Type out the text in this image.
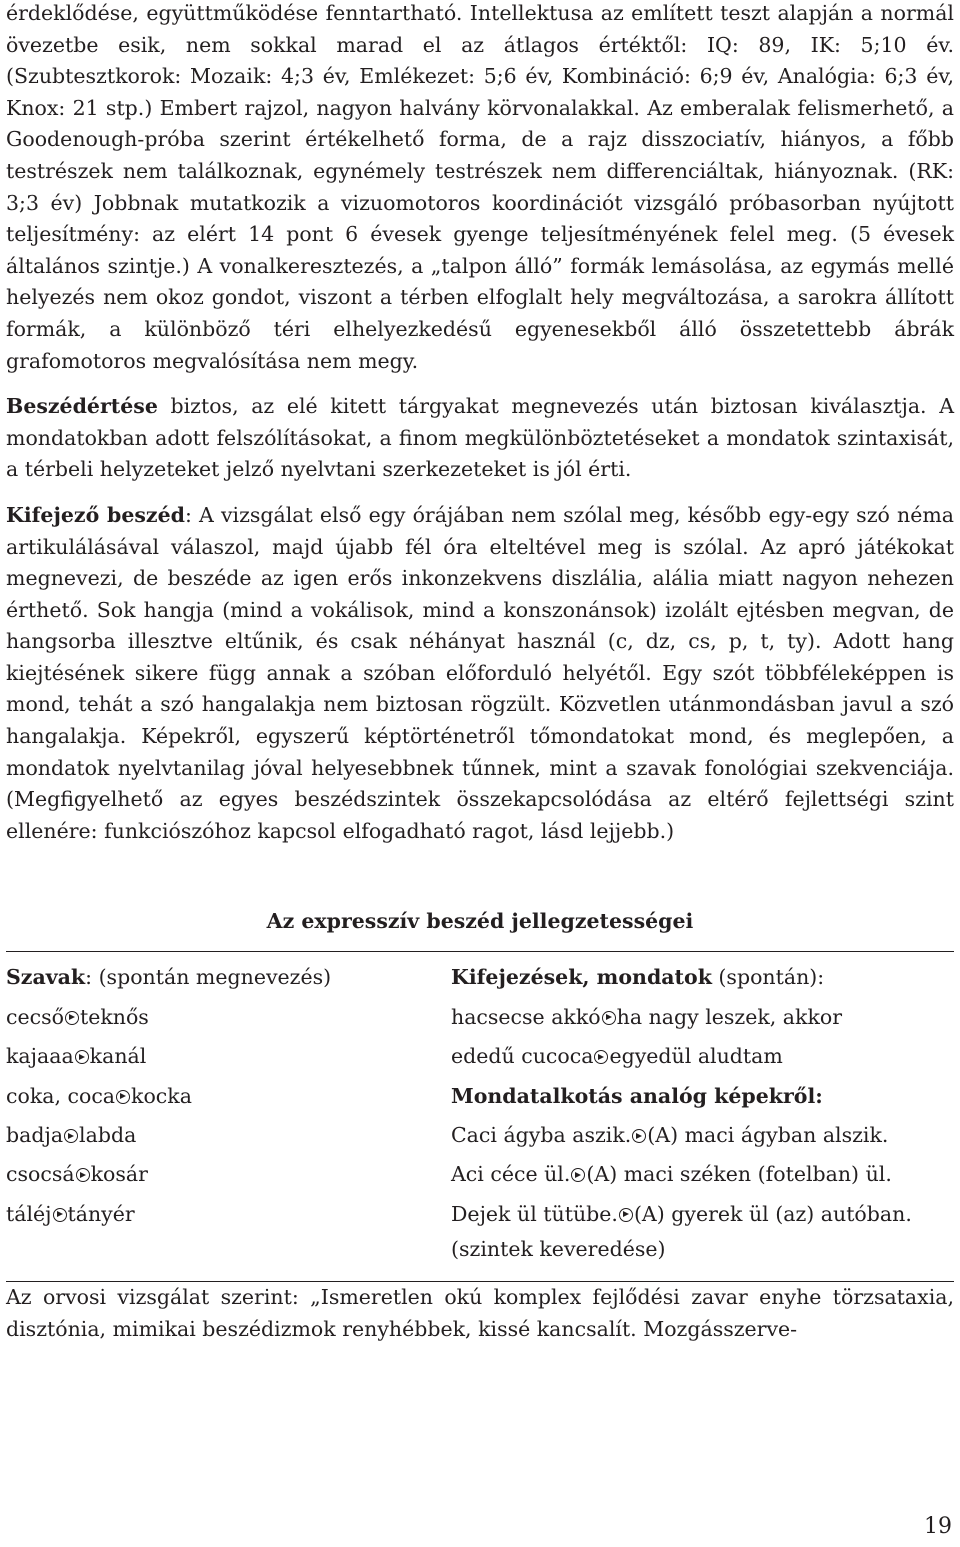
érdeklődése, együttműködése fenntartható. Intellektusa az említett teszt alapján a normál övezetbe esik, nem sokkal marad el az átlagos értéktől: IQ: 89, IK: 5;10 év. (Szubtesztkorok: Mozaik: 4;3 év, Emlékezet: 5;6 év, Kombináció: 6;9 év, Analógia: 6;3 év, Knox: 21 stp.) Embert rajzol, nagyon halvány körvonalakkal. Az emberalak felismerhető, a Goodenough-próba szerint értékelhető forma, de a rajz disszociatív, hiányos, a főbb testrészek nem találkoznak, egynémely testrészek nem differenciáltak, hiányoznak. (RK: 3;3 év) Jobbnak mutatkozik a vizuomotoros koordinációt vizsgáló próbasorban nyújtott teljesítmény: az elért 14 pont 6 évesek gyenge teljesítményének felel meg. (5 évesek általános szintje.) A vonalkeresztezés, a „talpon álló” formák lemásolása, az egymás mellé helyezés nem okoz gondot, viszont a térben elfoglalt hely megváltozása, a sarokra állított formák, a különböző téri elhelyezkedésű egyenesekből álló összetettebb ábrák grafomotoros megvalósítása nem megy.

Beszédértése biztos, az elé kitett tárgyakat megnevezés után biztosan kiválasztja. A mondatokban adott felszólításokat, a finom megkülönböztetéseket a mondatok szintaxisát, a térbeli helyzeteket jelző nyelvtani szerkezeteket is jól érti.

Kifejező beszéd: A vizsgálat első egy órájában nem szólal meg, később egy-egy szó néma artikulálásával válaszol, majd újabb fél óra elteltével meg is szólal. Az apró játékokat megnevezi, de beszéde az igen erős inkonzekvens diszlália, alália miatt nagyon nehezen érthető. Sok hangja (mind a vokálisok, mind a konszonánsok) izolált ejtésben megvan, de hangsorba illesztve eltűnik, és csak néhányat használ (c, dz, cs, p, t, ty). Adott hang kiejtésének sikere függ annak a szóban előforduló helyétől. Egy szót többféleképpen is mond, tehát a szó hangalakja nem biztosan rögzült. Közvetlen utánmondásban javul a szó hangalakja. Képekről, egyszerű képtörténetről tőmondatokat mond, és meglepően, a mondatok nyelvtanilag jóval helyesebbnek tűnnek, mint a szavak fonológiai szekvenciája. (Megfigyelhető az egyes beszédszintek összekapcsolódása az eltérő fejlettségi szint ellenére: funkciószóhoz kapcsol elfogadható ragot, lásd lejjebb.)

Az expresszív beszéd jellegzetességei
Szavak: (spontán megnevezés)
cecső teknős
kajaaa kanál
coka, coca kocka
badja labda
csocsá kosár
táléj tányér
Kifejezések, mondatok (spontán):
hacsecse akkó ha nagy leszek, akkor
ededű cucoca egyedül aludtam
Mondatalkotás analóg képekről:
Caci ágyba aszik. (A) maci ágyban alszik.
Aci céce ül. (A) maci széken (fotelban) ül.
Dejek ül tütübe. (A) gyerek ül (az) autóban.
(szintek keveredése)

Az orvosi vizsgálat szerint: „Ismeretlen okú komplex fejlődési zavar enyhe törzsataxia, disztónia, mimikai beszédizmok renyhébbek, kissé kancsalít. Mozgásszerve-

19
